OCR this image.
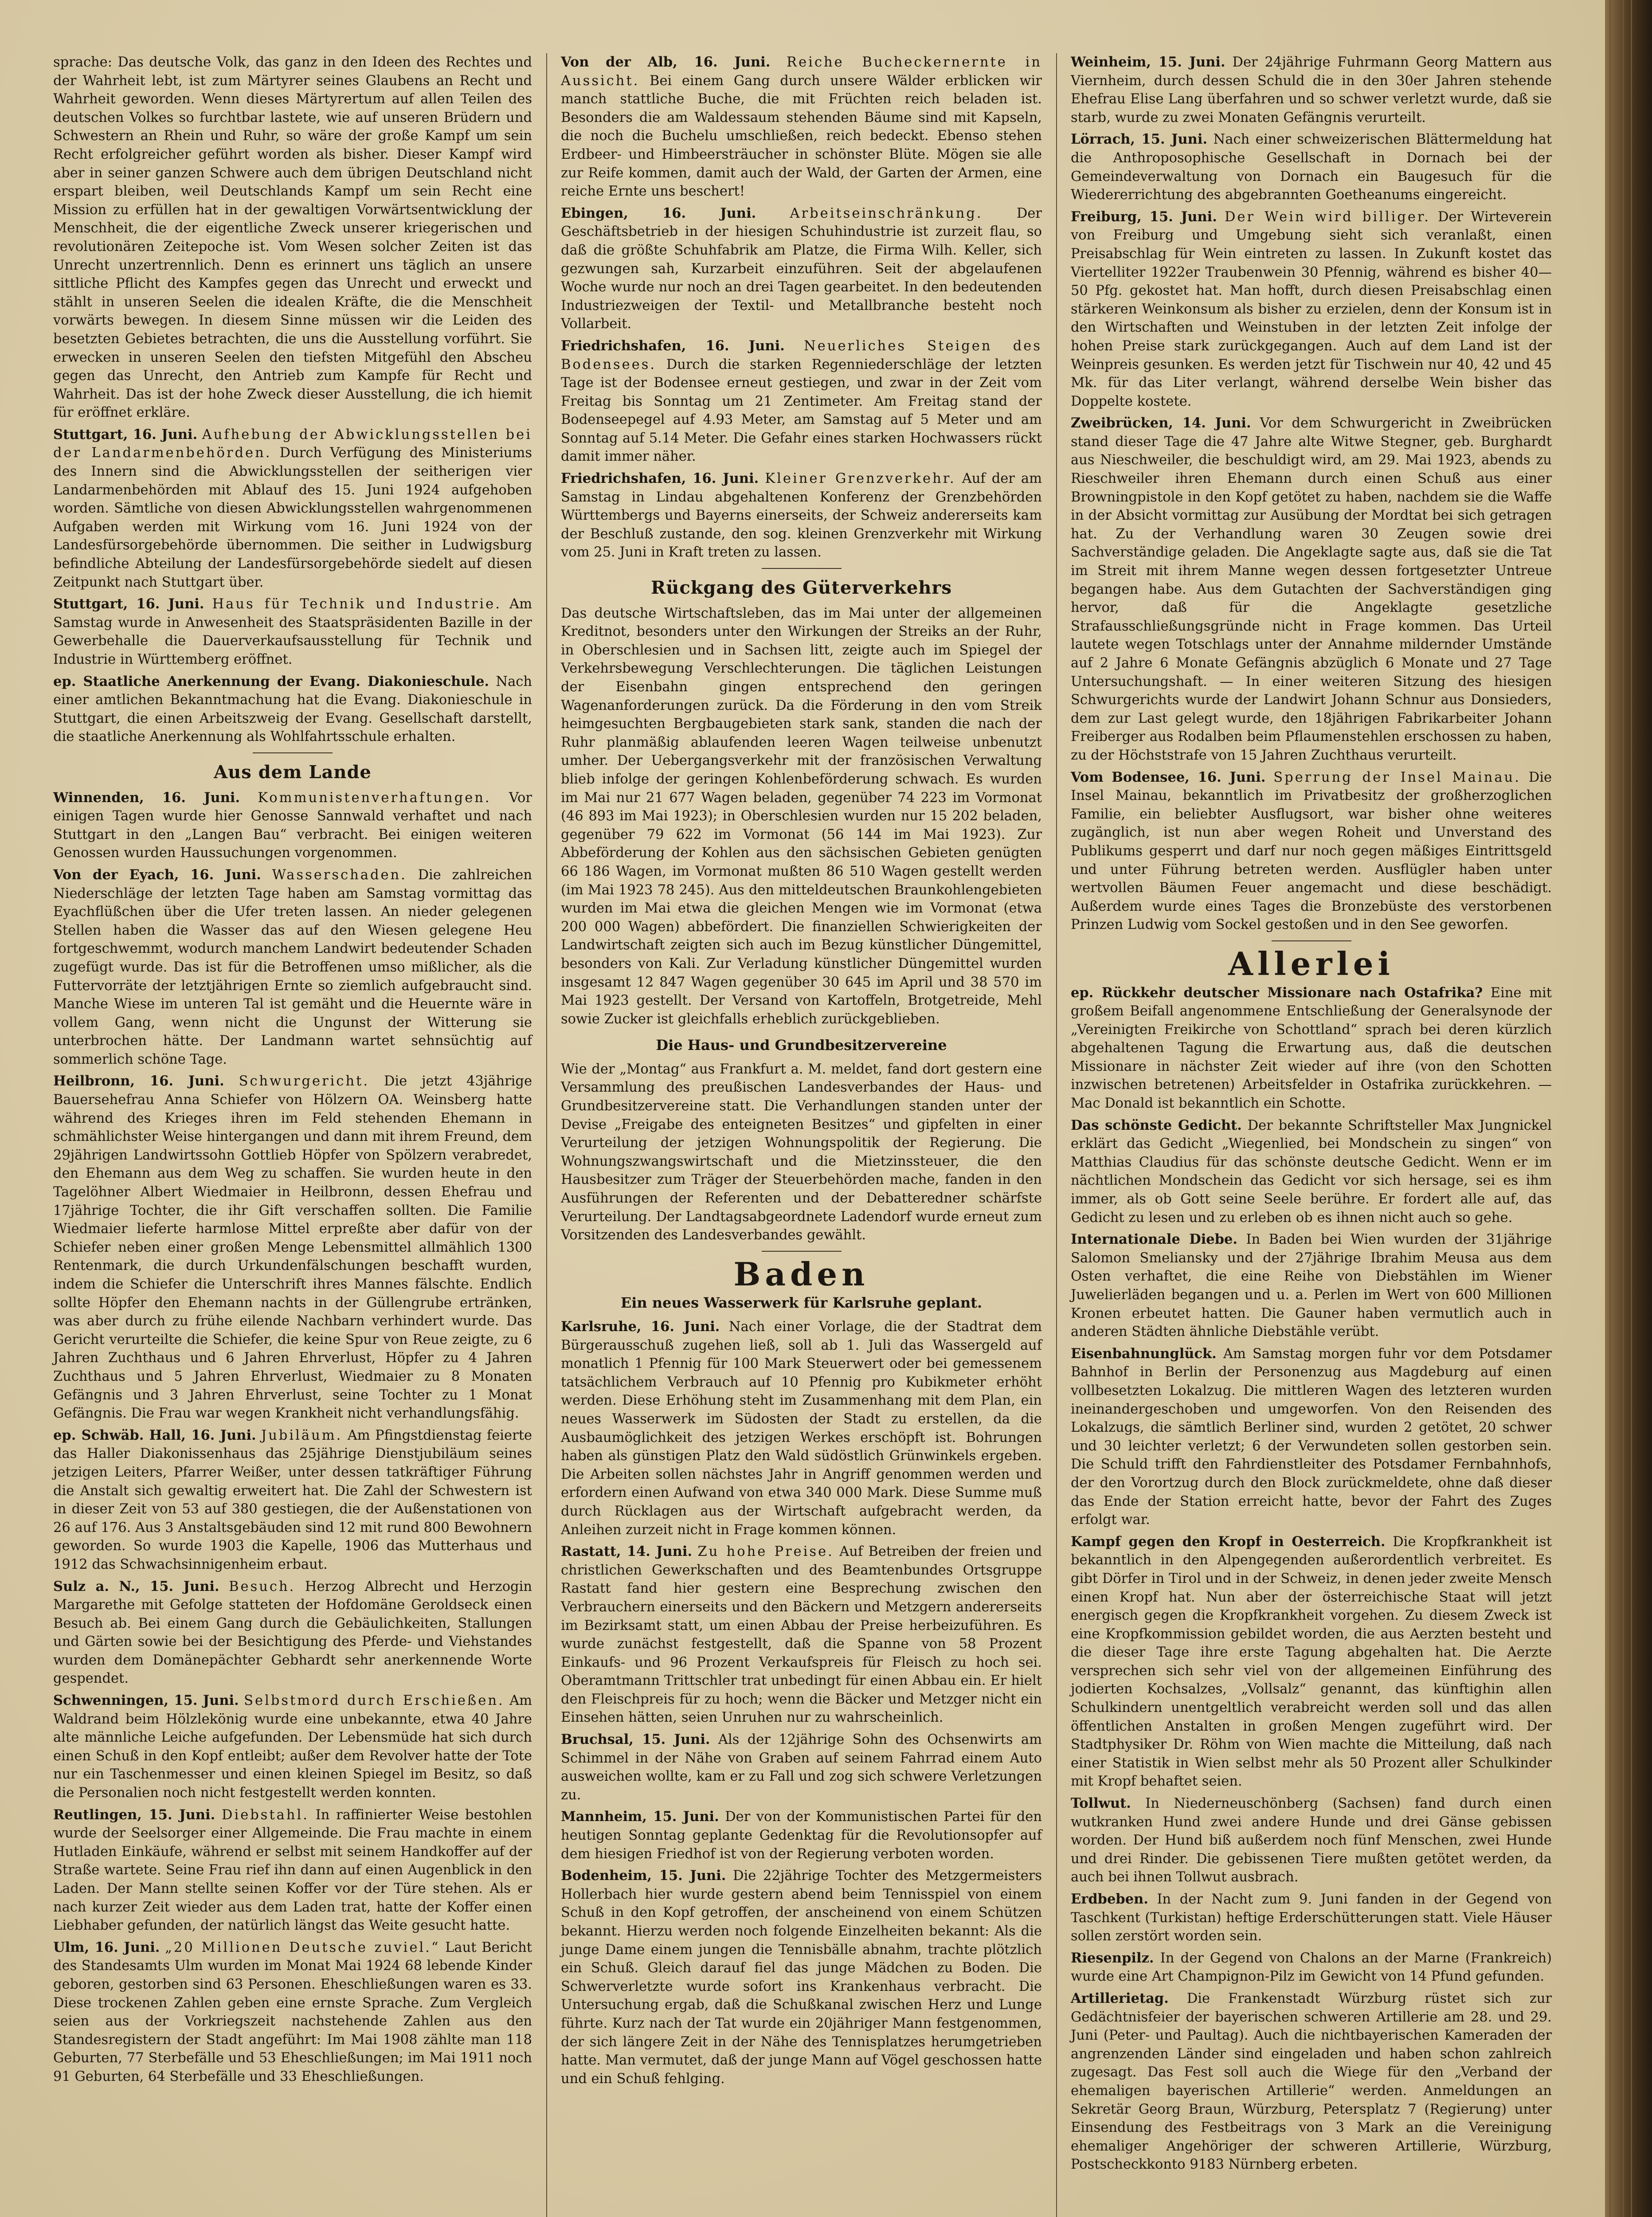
sprache: Das deutsche Volk, das ganz in den Ideen des Rechtes und der Wahrheit lebt, ist zum Märtyrer seines Glaubens an Recht und Wahrheit geworden. Wenn dieses Märtyrertum auf allen Teilen des deutschen Volkes so furchtbar lastete, wie auf unseren Brüdern und Schwestern an Rhein und Ruhr, so wäre der große Kampf um sein Recht erfolgreicher geführt worden als bisher. Dieser Kampf wird aber in seiner ganzen Schwere auch dem übrigen Deutschland nicht erspart bleiben, weil Deutschlands Kampf um sein Recht eine Mission zu erfüllen hat in der gewaltigen Vorwärtsentwicklung der Menschheit, die der eigentliche Zweck unserer kriegerischen und revolutionären Zeitepoche ist. Vom Wesen solcher Zeiten ist das Unrecht unzertrennlich. Denn es erinnert uns täglich an unsere sittliche Pflicht des Kampfes gegen das Unrecht und erweckt und stählt in unseren Seelen die idealen Kräfte, die die Menschheit vorwärts bewegen. In diesem Sinne müssen wir die Leiden des besetzten Gebietes betrachten, die uns die Ausstellung vorführt. Sie erwecken in unseren Seelen den tiefsten Mitgefühl den Abscheu gegen das Unrecht, den Antrieb zum Kampfe für Recht und Wahrheit. Das ist der hohe Zweck dieser Ausstellung, die ich hiemit für eröffnet erkläre.
Stuttgart, 16. Juni. Aufhebung der Abwicklungsstellen bei der Landarmenbehörden. Durch Verfügung des Ministeriums des Innern sind die Abwicklungsstellen der seitherigen vier Landarmenbehörden mit Ablauf des 15. Juni 1924 aufgehoben worden. Sämtliche von diesen Abwicklungsstellen wahrgenommenen Aufgaben werden mit Wirkung vom 16. Juni 1924 von der Landesfürsorgebehörde übernommen. Die seither in Ludwigsburg befindliche Abteilung der Landesfürsorgebehörde siedelt auf diesen Zeitpunkt nach Stuttgart über.
Stuttgart, 16. Juni. Haus für Technik und Industrie. Am Samstag wurde in Anwesenheit des Staatspräsidenten Bazille in der Gewerbehalle die Dauerverkaufsausstellung für Technik und Industrie in Württemberg eröffnet.
ep. Staatliche Anerkennung der Evang. Diakonieschule. Nach einer amtlichen Bekanntmachung hat die Evang. Diakonieschule in Stuttgart, die einen Arbeitszweig der Evang. Gesellschaft darstellt, die staatliche Anerkennung als Wohlfahrtsschule erhalten.
Aus dem Lande
Winnenden, 16. Juni. Kommunistenverhaftungen. Vor einigen Tagen wurde hier Genosse Sannwald verhaftet und nach Stuttgart in den „Langen Bau“ verbracht. Bei einigen weiteren Genossen wurden Haussuchungen vorgenommen.
Von der Eyach, 16. Juni. Wasserschaden. Die zahlreichen Niederschläge der letzten Tage haben am Samstag vormittag das Eyachflüßchen über die Ufer treten lassen. An nieder gelegenen Stellen haben die Wasser das auf den Wiesen gelegene Heu fortgeschwemmt, wodurch manchem Landwirt bedeutender Schaden zugefügt wurde. Das ist für die Betroffenen umso mißlicher, als die Futtervorräte der letztjährigen Ernte so ziemlich aufgebraucht sind. Manche Wiese im unteren Tal ist gemäht und die Heuernte wäre in vollem Gang, wenn nicht die Ungunst der Witterung sie unterbrochen hätte. Der Landmann wartet sehnsüchtig auf sommerlich schöne Tage.
Heilbronn, 16. Juni. Schwurgericht. Die jetzt 43jährige Bauersehefrau Anna Schiefer von Hölzern OA. Weinsberg hatte während des Krieges ihren im Feld stehenden Ehemann in schmählichster Weise hintergangen und dann mit ihrem Freund, dem 29jährigen Landwirtssohn Gottlieb Höpfer von Spölzern verabredet, den Ehemann aus dem Weg zu schaffen. Sie wurden heute in den Tagelöhner Albert Wiedmaier in Heilbronn, dessen Ehefrau und 17jährige Tochter, die ihr Gift verschaffen sollten. Die Familie Wiedmaier lieferte harmlose Mittel erpreßte aber dafür von der Schiefer neben einer großen Menge Lebensmittel allmählich 1300 Rentenmark, die durch Urkundenfälschungen beschafft wurden, indem die Schiefer die Unterschrift ihres Mannes fälschte. Endlich sollte Höpfer den Ehemann nachts in der Güllengrube ertränken, was aber durch zu frühe eilende Nachbarn verhindert wurde. Das Gericht verurteilte die Schiefer, die keine Spur von Reue zeigte, zu 6 Jahren Zuchthaus und 6 Jahren Ehrverlust, Höpfer zu 4 Jahren Zuchthaus und 5 Jahren Ehrverlust, Wiedmaier zu 8 Monaten Gefängnis und 3 Jahren Ehrverlust, seine Tochter zu 1 Monat Gefängnis. Die Frau war wegen Krankheit nicht verhandlungsfähig.
ep. Schwäb. Hall, 16. Juni. Jubiläum. Am Pfingstdienstag feierte das Haller Diakonissenhaus das 25jährige Dienstjubiläum seines jetzigen Leiters, Pfarrer Weißer, unter dessen tatkräftiger Führung die Anstalt sich gewaltig erweitert hat. Die Zahl der Schwestern ist in dieser Zeit von 53 auf 380 gestiegen, die der Außenstationen von 26 auf 176. Aus 3 Anstaltsgebäuden sind 12 mit rund 800 Bewohnern geworden. So wurde 1903 die Kapelle, 1906 das Mutterhaus und 1912 das Schwachsinnigenheim erbaut.
Sulz a. N., 15. Juni. Besuch. Herzog Albrecht und Herzogin Margarethe mit Gefolge statteten der Hofdomäne Geroldseck einen Besuch ab. Bei einem Gang durch die Gebäulichkeiten, Stallungen und Gärten sowie bei der Besichtigung des Pferde- und Viehstandes wurden dem Domänepächter Gebhardt sehr anerkennende Worte gespendet.
Schwenningen, 15. Juni. Selbstmord durch Erschießen. Am Waldrand beim Hölzlekönig wurde eine unbekannte, etwa 40 Jahre alte männliche Leiche aufgefunden. Der Lebensmüde hat sich durch einen Schuß in den Kopf entleibt; außer dem Revolver hatte der Tote nur ein Taschenmesser und einen kleinen Spiegel im Besitz, so daß die Personalien noch nicht festgestellt werden konnten.
Reutlingen, 15. Juni. Diebstahl. In raffinierter Weise bestohlen wurde der Seelsorger einer Allgemeinde. Die Frau machte in einem Hutladen Einkäufe, während er selbst mit seinem Handkoffer auf der Straße wartete. Seine Frau rief ihn dann auf einen Augenblick in den Laden. Der Mann stellte seinen Koffer vor der Türe stehen. Als er nach kurzer Zeit wieder aus dem Laden trat, hatte der Koffer einen Liebhaber gefunden, der natürlich längst das Weite gesucht hatte.
Ulm, 16. Juni. „20 Millionen Deutsche zuviel.“ Laut Bericht des Standesamts Ulm wurden im Monat Mai 1924 68 lebende Kinder geboren, gestorben sind 63 Personen. Eheschließungen waren es 33. Diese trockenen Zahlen geben eine ernste Sprache. Zum Vergleich seien aus der Vorkriegszeit nachstehende Zahlen aus den Standesregistern der Stadt angeführt: Im Mai 1908 zählte man 118 Geburten, 77 Sterbefälle und 53 Eheschließungen; im Mai 1911 noch 91 Geburten, 64 Sterbefälle und 33 Eheschließungen.
Von der Alb, 16. Juni. Reiche Bucheckernernte in Aussicht. Bei einem Gang durch unsere Wälder erblicken wir manch stattliche Buche, die mit Früchten reich beladen ist. Besonders die am Waldessaum stehenden Bäume sind mit Kapseln, die noch die Buchelu umschließen, reich bedeckt. Ebenso stehen Erdbeer- und Himbeersträucher in schönster Blüte. Mögen sie alle zur Reife kommen, damit auch der Wald, der Garten der Armen, eine reiche Ernte uns beschert!
Ebingen, 16. Juni.	Arbeitseinschränkung.	Der Geschäftsbetrieb in der hiesigen Schuhindustrie ist zurzeit flau, so daß die größte Schuhfabrik am Platze, die Firma Wilh. Keller, sich gezwungen sah, Kurzarbeit einzuführen. Seit der abgelaufenen Woche wurde nur noch an drei Tagen gearbeitet. In den bedeutenden Industriezweigen der Textil- und Metallbranche besteht noch Vollarbeit.
Friedrichshafen, 16. Juni. Neuerliches Steigen des Bodensees. Durch die starken Regenniederschläge der letzten Tage ist der Bodensee erneut gestiegen, und zwar in der Zeit vom Freitag bis Sonntag um 21 Zentimeter. Am Freitag stand der Bodenseepegel auf 4.93 Meter, am Samstag auf 5 Meter und am Sonntag auf 5.14 Meter. Die Gefahr eines starken Hochwassers rückt damit immer näher.
Friedrichshafen, 16. Juni. Kleiner Grenzverkehr. Auf der am Samstag in Lindau abgehaltenen Konferenz der Grenzbehörden Württembergs und Bayerns einerseits, der Schweiz andererseits kam der Beschluß zustande, den sog. kleinen Grenzverkehr mit Wirkung vom 25. Juni in Kraft treten zu lassen.
Rückgang des Güterverkehrs
Das deutsche Wirtschaftsleben, das im Mai unter der allgemeinen Kreditnot, besonders unter den Wirkungen der Streiks an der Ruhr, in Oberschlesien und in Sachsen litt, zeigte auch im Spiegel der Verkehrsbewegung Verschlechterungen. Die täglichen Leistungen der Eisenbahn gingen entsprechend den geringen Wagenanforderungen zurück. Da die Förderung in den vom Streik heimgesuchten Bergbaugebieten stark sank, standen die nach der Ruhr planmäßig ablaufenden leeren Wagen teilweise unbenutzt umher. Der Uebergangsverkehr mit der französischen Verwaltung blieb infolge der geringen Kohlenbeförderung schwach. Es wurden im Mai nur 21 677 Wagen beladen, gegenüber 74 223 im Vormonat (46 893 im Mai 1923); in Oberschlesien wurden nur 15 202 beladen, gegenüber 79 622 im Vormonat (56 144 im Mai 1923). Zur Abbeförderung der Kohlen aus den sächsischen Gebieten genügten 66 186 Wagen, im Vormonat mußten 86 510 Wagen gestellt werden (im Mai 1923 78 245). Aus den mitteldeutschen Braunkohlengebieten wurden im Mai etwa die gleichen Mengen wie im Vormonat (etwa 200 000 Wagen) abbefördert. Die finanziellen Schwierigkeiten der Landwirtschaft zeigten sich auch im Bezug künstlicher Düngemittel, besonders von Kali. Zur Verladung künstlicher Düngemittel wurden insgesamt 12 847 Wagen gegenüber 30 645 im April und 38 570 im Mai 1923 gestellt. Der Versand von Kartoffeln, Brotgetreide, Mehl sowie Zucker ist gleichfalls erheblich zurückgeblieben.
Die Haus- und Grundbesitzervereine
Wie der „Montag“ aus Frankfurt a. M. meldet, fand dort gestern eine Versammlung des preußischen Landesverbandes der Haus- und Grundbesitzervereine statt. Die Verhandlungen standen unter der Devise „Freigabe des enteigneten Besitzes“ und gipfelten in einer Verurteilung der jetzigen Wohnungspolitik der Regierung. Die Wohnungszwangswirtschaft und die Mietzinssteuer, die den Hausbesitzer zum Träger der Steuerbehörden mache, fanden in den Ausführungen der Referenten und der Debatteredner schärfste Verurteilung. Der Landtagsabgeordnete Ladendorf wurde erneut zum Vorsitzenden des Landesverbandes gewählt.
Baden
Ein neues Wasserwerk für Karlsruhe geplant.
Karlsruhe, 16. Juni. Nach einer Vorlage, die der Stadtrat dem Bürgerausschuß zugehen ließ, soll ab 1. Juli das Wassergeld auf monatlich 1 Pfennig für 100 Mark Steuerwert oder bei gemessenem tatsächlichem Verbrauch auf 10 Pfennig pro Kubikmeter erhöht werden. Diese Erhöhung steht im Zusammenhang mit dem Plan, ein neues Wasserwerk im Südosten der Stadt zu erstellen, da die Ausbaumöglichkeit des jetzigen Werkes erschöpft ist. Bohrungen haben als günstigen Platz den Wald südöstlich Grünwinkels ergeben. Die Arbeiten sollen nächstes Jahr in Angriff genommen werden und erfordern einen Aufwand von etwa 340 000 Mark. Diese Summe muß durch Rücklagen aus der Wirtschaft aufgebracht werden, da Anleihen zurzeit nicht in Frage kommen können.
Rastatt, 14. Juni. Zu hohe Preise. Auf Betreiben der freien und christlichen Gewerkschaften und des Beamtenbundes Ortsgruppe Rastatt fand hier gestern eine Besprechung zwischen den Verbrauchern einerseits und den Bäckern und Metzgern andererseits im Bezirksamt statt, um einen Abbau der Preise herbeizuführen. Es wurde zunächst festgestellt, daß die Spanne von 58 Prozent Einkaufs- und 96 Prozent Verkaufspreis für Fleisch zu hoch sei. Oberamtmann Trittschler trat unbedingt für einen Abbau ein. Er hielt den Fleischpreis für zu hoch; wenn die Bäcker und Metzger nicht ein Einsehen hätten, seien Unruhen nur zu wahrscheinlich.
Bruchsal, 15. Juni. Als der 12jährige Sohn des Ochsenwirts am Schimmel in der Nähe von Graben auf seinem Fahrrad einem Auto ausweichen wollte, kam er zu Fall und zog sich schwere Verletzungen zu.
Mannheim, 15. Juni. Der von der Kommunistischen Partei für den heutigen Sonntag geplante Gedenktag für die Revolutionsopfer auf dem hiesigen Friedhof ist von der Regierung verboten worden.
Bodenheim, 15. Juni. Die 22jährige Tochter des Metzgermeisters Hollerbach hier wurde gestern abend beim Tennisspiel von einem Schuß in den Kopf getroffen, der anscheinend von einem Schützen bekannt. Hierzu werden noch folgende Einzelheiten bekannt: Als die junge Dame einem jungen die Tennisbälle abnahm, trachte plötzlich ein Schuß. Gleich darauf fiel das junge Mädchen zu Boden. Die Schwerverletzte wurde sofort ins Krankenhaus verbracht. Die Untersuchung ergab, daß die Schußkanal zwischen Herz und Lunge führte. Kurz nach der Tat wurde ein 20jähriger Mann festgenommen, der sich längere Zeit in der Nähe des Tennisplatzes herumgetrieben hatte. Man vermutet, daß der junge Mann auf Vögel geschossen hatte und ein Schuß fehlging.
Weinheim, 15. Juni. Der 24jährige Fuhrmann Georg Mattern aus Viernheim, durch dessen Schuld die in den 30er Jahren stehende Ehefrau Elise Lang überfahren und so schwer verletzt wurde, daß sie starb, wurde zu zwei Monaten Gefängnis verurteilt.
Lörrach, 15. Juni. Nach einer schweizerischen Blättermeldung hat die Anthroposophische Gesellschaft in Dornach bei der Gemeindeverwaltung von Dornach ein Baugesuch für die Wiedererrichtung des abgebrannten Goetheanums eingereicht.
Freiburg, 15. Juni. Der Wein wird billiger. Der Wirteverein von Freiburg und Umgebung sieht sich veranlaßt, einen Preisabschlag für Wein eintreten zu lassen. In Zukunft kostet das Viertelliter 1922er Traubenwein 30 Pfennig, während es bisher 40—50 Pfg. gekostet hat. Man hofft, durch diesen Preisabschlag einen stärkeren Weinkonsum als bisher zu erzielen, denn der Konsum ist in den Wirtschaften und Weinstuben in der letzten Zeit infolge der hohen Preise stark zurückgegangen. Auch auf dem Land ist der Weinpreis gesunken. Es werden jetzt für Tischwein nur 40, 42 und 45 Mk. für das Liter verlangt, während derselbe Wein bisher das Doppelte kostete.
Zweibrücken, 14. Juni. Vor dem Schwurgericht in Zweibrücken stand dieser Tage die 47 Jahre alte Witwe Stegner, geb. Burghardt aus Nieschweiler, die beschuldigt wird, am 29. Mai 1923, abends zu Rieschweiler ihren Ehemann durch einen Schuß aus einer Browningpistole in den Kopf getötet zu haben, nachdem sie die Waffe in der Absicht vormittag zur Ausübung der Mordtat bei sich getragen hat. Zu der Verhandlung waren 30 Zeugen sowie drei Sachverständige geladen. Die Angeklagte sagte aus, daß sie die Tat im Streit mit ihrem Manne wegen dessen fortgesetzter Untreue begangen habe. Aus dem Gutachten der Sachverständigen ging hervor, daß für die Angeklagte gesetzliche Strafausschließungsgründe nicht in Frage kommen. Das Urteil lautete wegen Totschlags unter der Annahme mildernder Umstände auf 2 Jahre 6 Monate Gefängnis abzüglich 6 Monate und 27 Tage Untersuchungshaft. — In einer weiteren Sitzung des hiesigen Schwurgerichts wurde der Landwirt Johann Schnur aus Donsieders, dem zur Last gelegt wurde, den 18jährigen Fabrikarbeiter Johann Freiberger aus Rodalben beim Pflaumenstehlen erschossen zu haben, zu der Höchststrafe von 15 Jahren Zuchthaus verurteilt.
Vom Bodensee, 16. Juni. Sperrung der Insel Mainau. Die Insel Mainau, bekanntlich im Privatbesitz der großherzoglichen Familie, ein beliebter Ausflugsort, war bisher ohne weiteres zugänglich, ist nun aber wegen Roheit und Unverstand des Publikums gesperrt und darf nur noch gegen mäßiges Eintrittsgeld und unter Führung betreten werden. Ausflügler haben unter wertvollen Bäumen Feuer angemacht und diese beschädigt. Außerdem wurde eines Tages die Bronzebüste des verstorbenen Prinzen Ludwig vom Sockel gestoßen und in den See geworfen.
Allerlei
ep. Rückkehr deutscher Missionare nach Ostafrika? Eine mit großem Beifall angenommene Entschließung der Generalsynode der „Vereinigten Freikirche von Schottland“ sprach bei deren kürzlich abgehaltenen Tagung die Erwartung aus, daß die deutschen Missionare in nächster Zeit wieder auf ihre (von den Schotten inzwischen betretenen) Arbeitsfelder in Ostafrika zurückkehren. — Mac Donald ist bekanntlich ein Schotte.
Das schönste Gedicht. Der bekannte Schriftsteller Max Jungnickel erklärt das Gedicht „Wiegenlied, bei Mondschein zu singen“ von Matthias Claudius für das schönste deutsche Gedicht. Wenn er im nächtlichen Mondschein das Gedicht vor sich hersage, sei es ihm immer, als ob Gott seine Seele berühre. Er fordert alle auf, das Gedicht zu lesen und zu erleben ob es ihnen nicht auch so gehe.
Internationale Diebe. In Baden bei Wien wurden der 31jährige Salomon Smeliansky und der 27jährige Ibrahim Meusa aus dem Osten verhaftet, die eine Reihe von Diebstählen im Wiener Juwelierläden begangen und u. a. Perlen im Wert von 600 Millionen Kronen erbeutet hatten. Die Gauner haben vermutlich auch in anderen Städten ähnliche Diebstähle verübt.
Eisenbahnunglück. Am Samstag morgen fuhr vor dem Potsdamer Bahnhof in Berlin der Personenzug aus Magdeburg auf einen vollbesetzten Lokalzug. Die mittleren Wagen des letzteren wurden ineinandergeschoben und umgeworfen. Von den Reisenden des Lokalzugs, die sämtlich Berliner sind, wurden 2 getötet, 20 schwer und 30 leichter verletzt; 6 der Verwundeten sollen gestorben sein. Die Schuld trifft den Fahrdienstleiter des Potsdamer Fernbahnhofs, der den Vorortzug durch den Block zurückmeldete, ohne daß dieser das Ende der Station erreicht hatte, bevor der Fahrt des Zuges erfolgt war.
Kampf gegen den Kropf in Oesterreich. Die Kropfkrankheit ist bekanntlich in den Alpengegenden außerordentlich verbreitet. Es gibt Dörfer in Tirol und in der Schweiz, in denen jeder zweite Mensch einen Kropf hat. Nun aber der österreichische Staat will jetzt energisch gegen die Kropfkrankheit vorgehen. Zu diesem Zweck ist eine Kropfkommission gebildet worden, die aus Aerzten besteht und die dieser Tage ihre erste Tagung abgehalten hat. Die Aerzte versprechen sich sehr viel von der allgemeinen Einführung des jodierten Kochsalzes, „Vollsalz“ genannt, das künftighin allen Schulkindern unentgeltlich verabreicht werden soll und das allen öffentlichen Anstalten in großen Mengen zugeführt wird. Der Stadtphysiker Dr. Röhm von Wien machte die Mitteilung, daß nach einer Statistik in Wien selbst mehr als 50 Prozent aller Schulkinder mit Kropf behaftet seien.
Tollwut. In Niederneuschönberg (Sachsen) fand durch einen wutkranken Hund zwei andere Hunde und drei Gänse gebissen worden. Der Hund biß außerdem noch fünf Menschen, zwei Hunde und drei Rinder. Die gebissenen Tiere mußten getötet werden, da auch bei ihnen Tollwut ausbrach.
Erdbeben. In der Nacht zum 9. Juni fanden in der Gegend von Taschkent (Turkistan) heftige Erderschütterungen statt. Viele Häuser sollen zerstört worden sein.
Riesenpilz. In der Gegend von Chalons an der Marne (Frankreich) wurde eine Art Champignon-Pilz im Gewicht von 14 Pfund gefunden.
Artillerietag. Die Frankenstadt Würzburg rüstet sich zur Gedächtnisfeier der bayerischen schweren Artillerie am 28. und 29. Juni (Peter- und Paultag). Auch die nichtbayerischen Kameraden der angrenzenden Länder sind eingeladen und haben schon zahlreich zugesagt. Das Fest soll auch die Wiege für den „Verband der ehemaligen bayerischen Artillerie“ werden. Anmeldungen an Sekretär Georg Braun, Würzburg, Petersplatz 7 (Regierung) unter Einsendung des Festbeitrags von 3 Mark an die Vereinigung ehemaliger Angehöriger der schweren Artillerie, Würzburg, Postscheckkonto 9183 Nürnberg erbeten.
